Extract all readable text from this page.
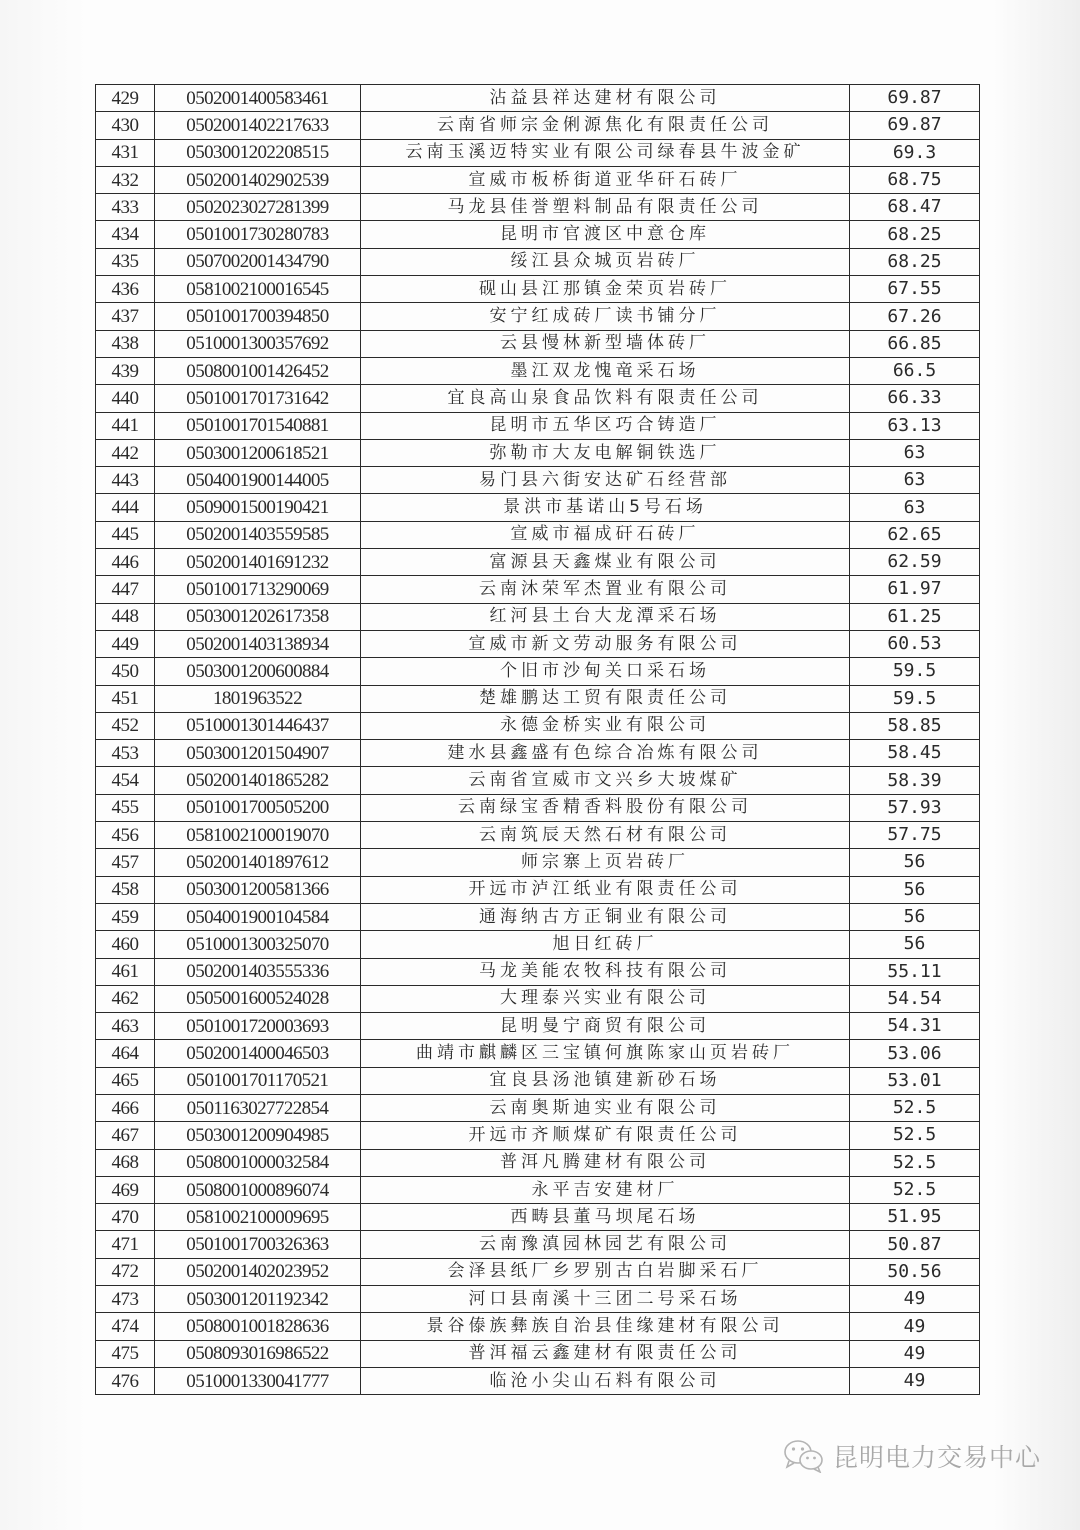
429	0502001400583461	沾益县祥达建材有限公司	69.87
430	0502001402217633	云南省师宗金俐源焦化有限责任公司	69.87
431	0503001202208515	云南玉溪迈特实业有限公司绿春县牛波金矿	69.3
432	0502001402902539	宣威市板桥街道亚华矸石砖厂	68.75
433	0502023027281399	马龙县佳誉塑料制品有限责任公司	68.47
434	0501001730280783	昆明市官渡区中意仓库	68.25
435	0507002001434790	绥江县众城页岩砖厂	68.25
436	0581002100016545	砚山县江那镇金荣页岩砖厂	67.55
437	0501001700394850	安宁红成砖厂读书铺分厂	67.26
438	0510001300357692	云县慢林新型墙体砖厂	66.85
439	0508001001426452	墨江双龙愧竜采石场	66.5
440	0501001701731642	宜良高山泉食品饮料有限责任公司	66.33
441	0501001701540881	昆明市五华区巧合铸造厂	63.13
442	0503001200618521	弥勒市大友电解铜铁选厂	63
443	0504001900144005	易门县六街安达矿石经营部	63
444	0509001500190421	景洪市基诺山5号石场	63
445	0502001403559585	宣威市福成矸石砖厂	62.65
446	0502001401691232	富源县天鑫煤业有限公司	62.59
447	0501001713290069	云南沐荣军杰置业有限公司	61.97
448	0503001202617358	红河县土台大龙潭采石场	61.25
449	0502001403138934	宣威市新文劳动服务有限公司	60.53
450	0503001200600884	个旧市沙甸关口采石场	59.5
451	1801963522	楚雄鹏达工贸有限责任公司	59.5
452	0510001301446437	永德金桥实业有限公司	58.85
453	0503001201504907	建水县鑫盛有色综合冶炼有限公司	58.45
454	0502001401865282	云南省宣威市文兴乡大坡煤矿	58.39
455	0501001700505200	云南绿宝香精香料股份有限公司	57.93
456	0581002100019070	云南筑辰天然石材有限公司	57.75
457	0502001401897612	师宗寨上页岩砖厂	56
458	0503001200581366	开远市泸江纸业有限责任公司	56
459	0504001900104584	通海纳古方正铜业有限公司	56
460	0510001300325070	旭日红砖厂	56
461	0502001403555336	马龙美能农牧科技有限公司	55.11
462	0505001600524028	大理泰兴实业有限公司	54.54
463	0501001720003693	昆明曼宁商贸有限公司	54.31
464	0502001400046503	曲靖市麒麟区三宝镇何旗陈家山页岩砖厂	53.06
465	0501001701170521	宜良县汤池镇建新砂石场	53.01
466	0501163027722854	云南奥斯迪实业有限公司	52.5
467	0503001200904985	开远市齐顺煤矿有限责任公司	52.5
468	0508001000032584	普洱凡腾建材有限公司	52.5
469	0508001000896074	永平吉安建材厂	52.5
470	0581002100009695	西畴县董马坝尾石场	51.95
471	0501001700326363	云南豫滇园林园艺有限公司	50.87
472	0502001402023952	会泽县纸厂乡罗别古白岩脚采石厂	50.56
473	0503001201192342	河口县南溪十三团二号采石场	49
474	0508001001828636	景谷傣族彝族自治县佳缘建材有限公司	49
475	0508093016986522	普洱福云鑫建材有限责任公司	49
476	0510001330041777	临沧小尖山石料有限公司	49
昆明电力交易中心
